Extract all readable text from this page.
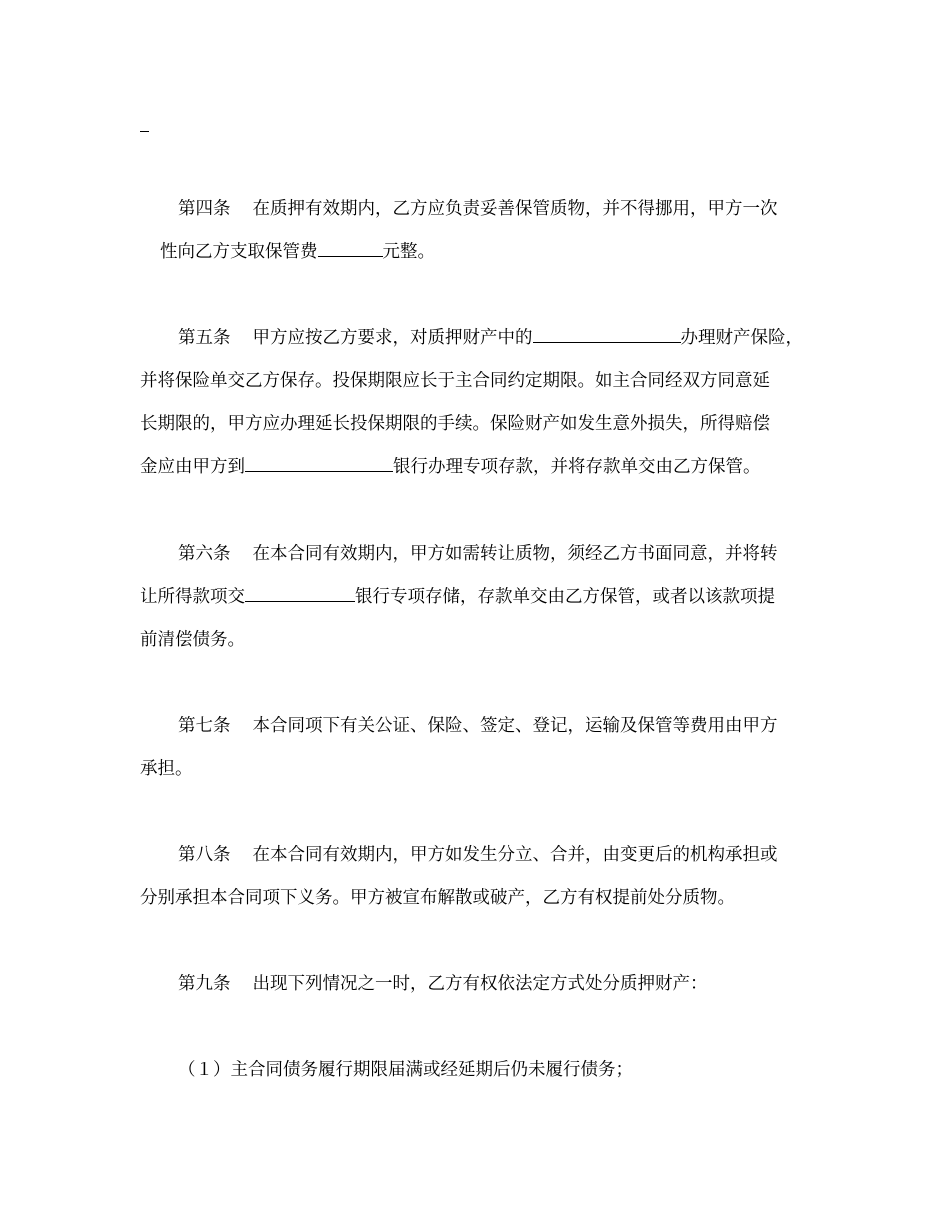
第四条 在质押有效期内，乙方应负责妥善保管质物，并不得挪用，甲方一次
性向乙方支取保管费	元整。
第五条 甲方应按乙方要求，对质押财产中的	办理财产保险，
并将保险单交乙方保存。投保期限应长于主合同约定期限。如主合同经双方同意延
长期限的，甲方应办理延长投保期限的手续。保险财产如发生意外损失，所得赔偿
金应由甲方到	银行办理专项存款，并将存款单交由乙方保管。
第六条 在本合同有效期内，甲方如需转让质物，须经乙方书面同意，并将转
让所得款项交	银行专项存储，存款单交由乙方保管，或者以该款项提
前清偿债务。
第七条 本合同项下有关公证、保险、签定、登记，运输及保管等费用由甲方
承担。
第八条 在本合同有效期内，甲方如发生分立、合并，由变更后的机构承担或
分别承担本合同项下义务。甲方被宣布解散或破产，乙方有权提前处分质物。
第九条 出现下列情况之一时，乙方有权依法定方式处分质押财产：
（１）主合同债务履行期限届满或经延期后仍未履行债务；
